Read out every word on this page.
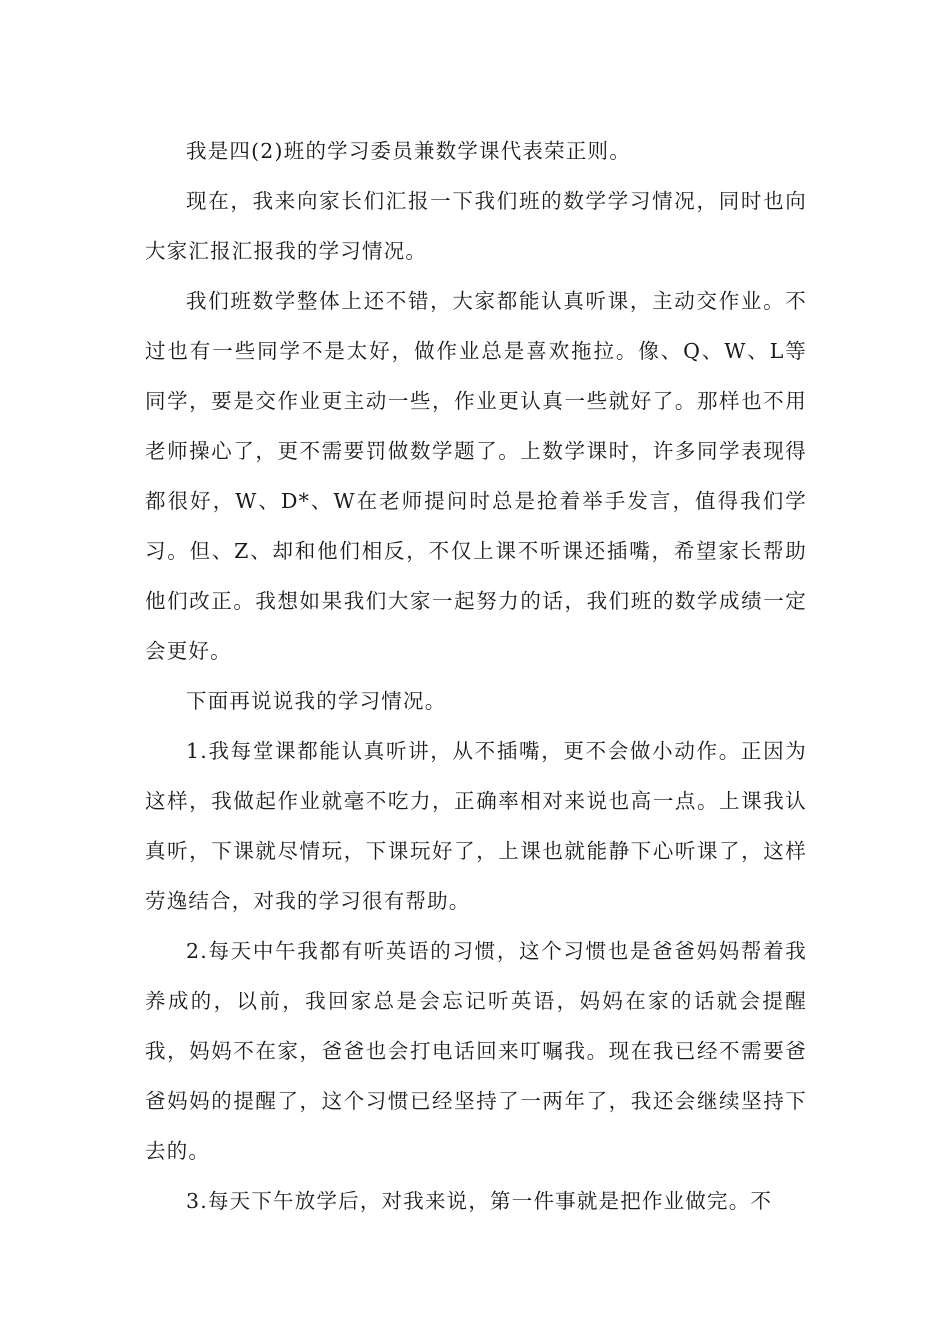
我是四(2)班的学习委员兼数学课代表荣正则。

现在，我来向家长们汇报一下我们班的数学学习情况，同时也向大家汇报汇报我的学习情况。

我们班数学整体上还不错，大家都能认真听课，主动交作业。不过也有一些同学不是太好，做作业总是喜欢拖拉。像、Q、W、L等同学，要是交作业更主动一些，作业更认真一些就好了。那样也不用老师操心了，更不需要罚做数学题了。上数学课时，许多同学表现得都很好，W、D*、W在老师提问时总是抢着举手发言，值得我们学习。但、Z、却和他们相反，不仅上课不听课还插嘴，希望家长帮助他们改正。我想如果我们大家一起努力的话，我们班的数学成绩一定会更好。

下面再说说我的学习情况。

1.我每堂课都能认真听讲，从不插嘴，更不会做小动作。正因为这样，我做起作业就毫不吃力，正确率相对来说也高一点。上课我认真听，下课就尽情玩，下课玩好了，上课也就能静下心听课了，这样劳逸结合，对我的学习很有帮助。

2.每天中午我都有听英语的习惯，这个习惯也是爸爸妈妈帮着我养成的，以前，我回家总是会忘记听英语，妈妈在家的话就会提醒我，妈妈不在家，爸爸也会打电话回来叮嘱我。现在我已经不需要爸爸妈妈的提醒了，这个习惯已经坚持了一两年了，我还会继续坚持下去的。

3.每天下午放学后，对我来说，第一件事就是把作业做完。不
